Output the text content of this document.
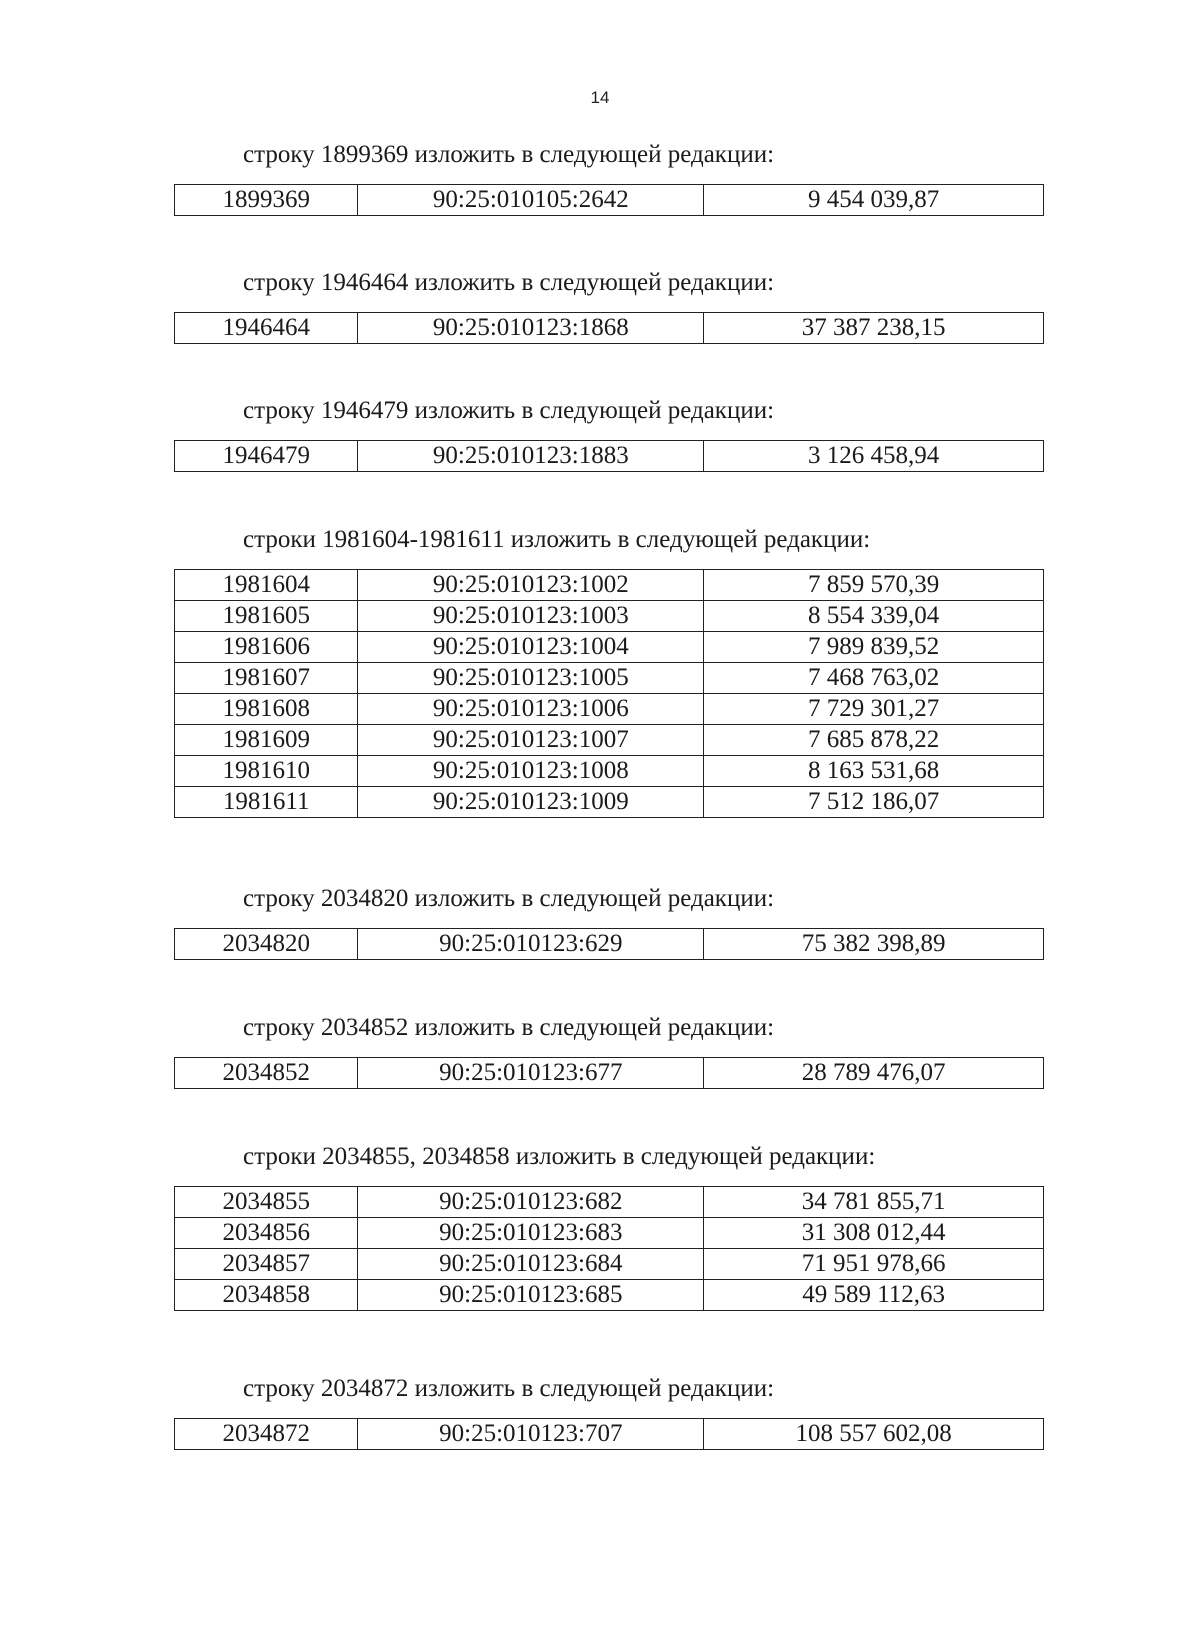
14

строку 1899369 изложить в следующей редакции:

1899369	90:25:010105:2642	9 454 039,87

строку 1946464 изложить в следующей редакции:

1946464	90:25:010123:1868	37 387 238,15

строку 1946479 изложить в следующей редакции:

1946479	90:25:010123:1883	3 126 458,94

строки 1981604-1981611 изложить в следующей редакции:

1981604	90:25:010123:1002	7 859 570,39
1981605	90:25:010123:1003	8 554 339,04
1981606	90:25:010123:1004	7 989 839,52
1981607	90:25:010123:1005	7 468 763,02
1981608	90:25:010123:1006	7 729 301,27
1981609	90:25:010123:1007	7 685 878,22
1981610	90:25:010123:1008	8 163 531,68
1981611	90:25:010123:1009	7 512 186,07

строку 2034820 изложить в следующей редакции:

2034820	90:25:010123:629	75 382 398,89

строку 2034852 изложить в следующей редакции:

2034852	90:25:010123:677	28 789 476,07

строки 2034855, 2034858 изложить в следующей редакции:

2034855	90:25:010123:682	34 781 855,71
2034856	90:25:010123:683	31 308 012,44
2034857	90:25:010123:684	71 951 978,66
2034858	90:25:010123:685	49 589 112,63

строку 2034872 изложить в следующей редакции:

2034872	90:25:010123:707	108 557 602,08
